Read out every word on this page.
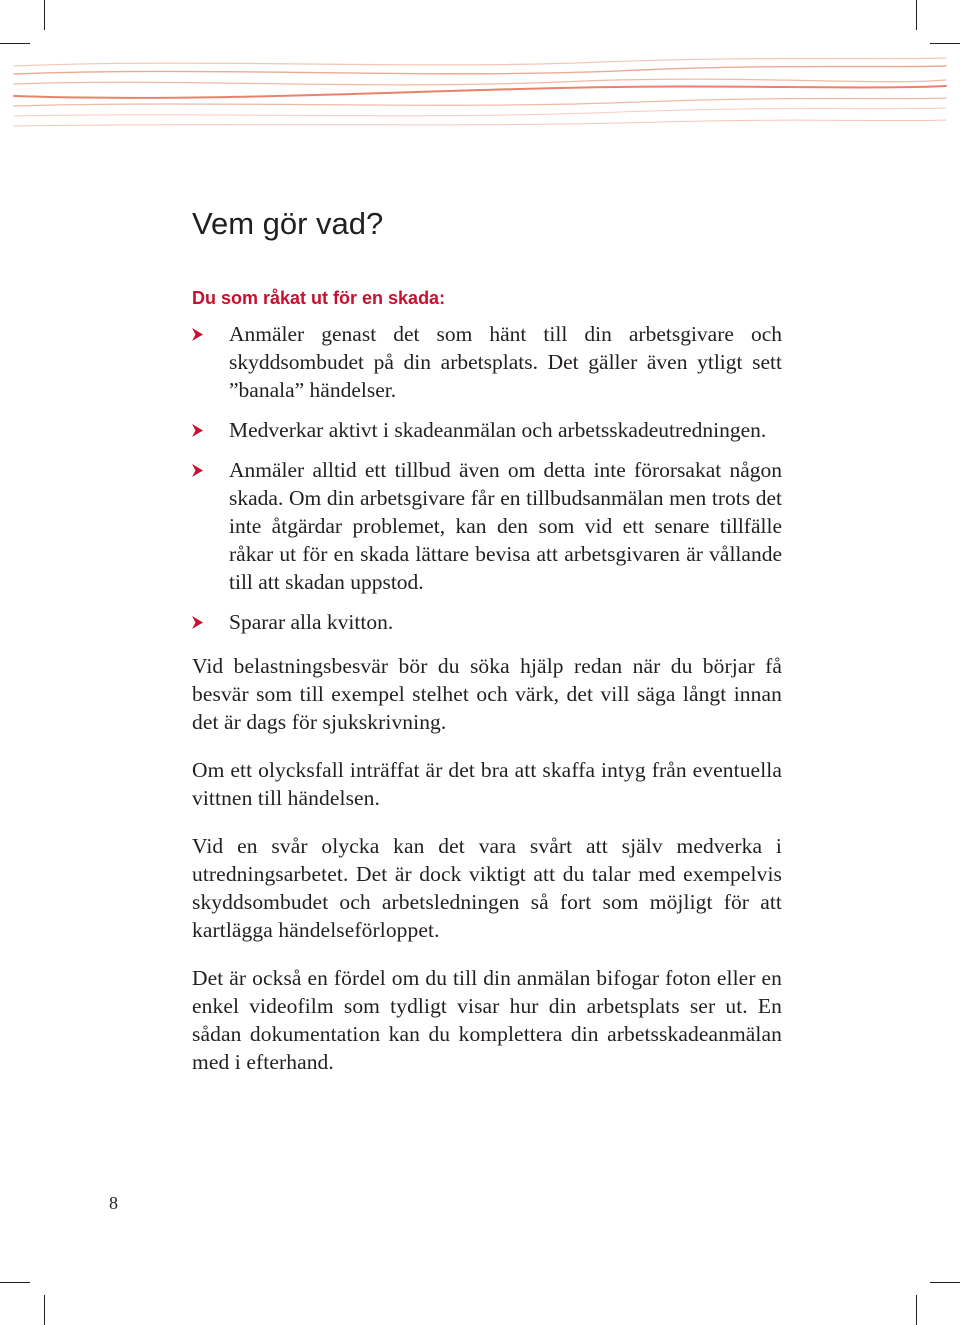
Vem gör vad?
Du som råkat ut för en skada:
Anmäler genast det som hänt till din arbetsgivare och skyddsombudet på din arbetsplats. Det gäller även ytligt sett ”banala” händelser.
Medverkar aktivt i skadeanmälan och arbetsskadeutredningen.
Anmäler alltid ett tillbud även om detta inte förorsakat någon skada. Om din arbetsgivare får en tillbudsanmälan men trots det inte åtgärdar problemet, kan den som vid ett senare tillfälle råkar ut för en skada lättare bevisa att arbetsgivaren är vållande till att skadan uppstod.
Sparar alla kvitton.

Vid belastningsbesvär bör du söka hjälp redan när du börjar få besvär som till exempel stelhet och värk, det vill säga långt innan det är dags för sjukskrivning.

Om ett olycksfall inträffat är det bra att skaffa intyg från eventuella vittnen till händelsen.

Vid en svår olycka kan det vara svårt att själv medverka i utredningsarbetet. Det är dock viktigt att du talar med exempelvis skyddsombudet och arbetsledningen så fort som möjligt för att kartlägga händelseförloppet.

Det är också en fördel om du till din anmälan bifogar foton eller en enkel videofilm som tydligt visar hur din arbetsplats ser ut. En sådan dokumentation kan du komplettera din arbetsskadeanmälan med i efterhand.

8
